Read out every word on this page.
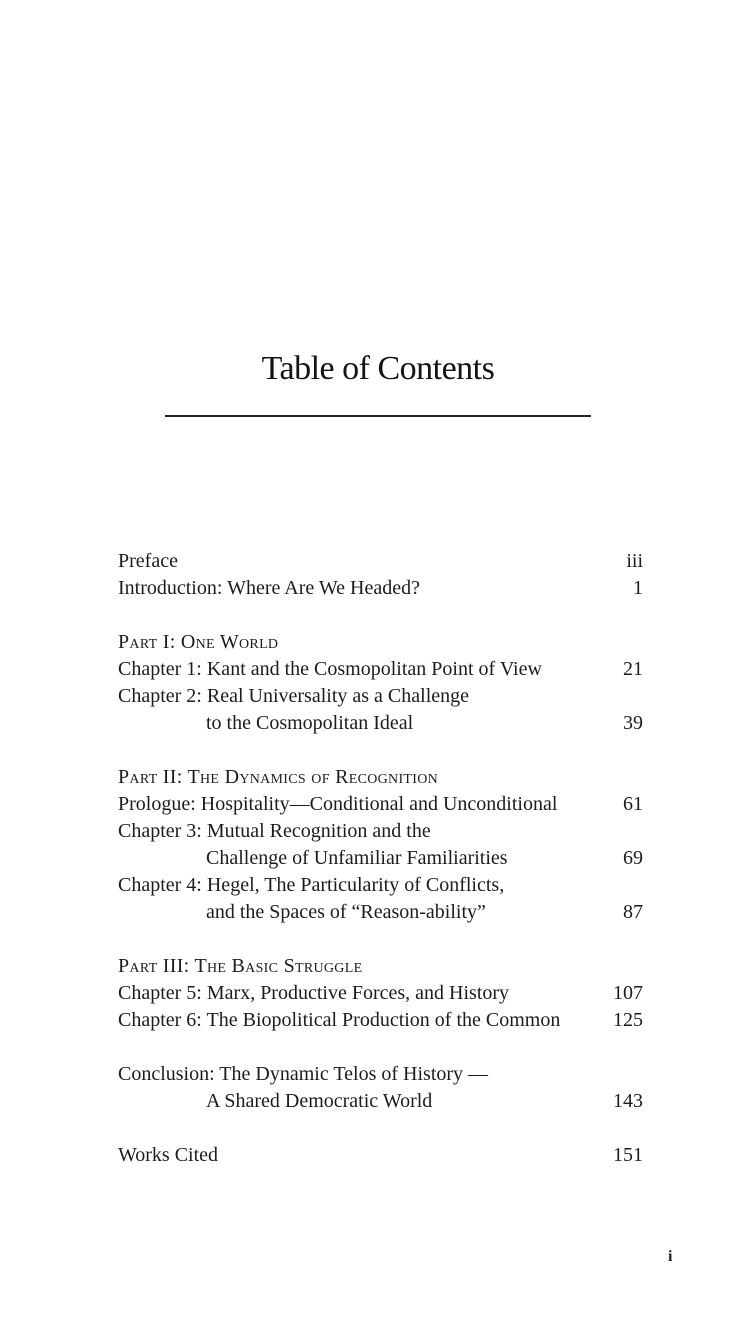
Table of Contents
Preface	iii
Introduction: Where Are We Headed?	1
Part I: One World
Chapter 1: Kant and the Cosmopolitan Point of View	21
Chapter 2: Real Universality as a Challenge
to the Cosmopolitan Ideal	39
Part II: The Dynamics of Recognition
Prologue: Hospitality—Conditional and Unconditional	61
Chapter 3: Mutual Recognition and the
Challenge of Unfamiliar Familiarities	69
Chapter 4: Hegel, The Particularity of Conflicts,
and the Spaces of “Reason-ability”	87
Part III: The Basic Struggle
Chapter 5: Marx, Productive Forces, and History	107
Chapter 6: The Biopolitical Production of the Common	125
Conclusion: The Dynamic Telos of History —
A Shared Democratic World	143
Works Cited	151
i
